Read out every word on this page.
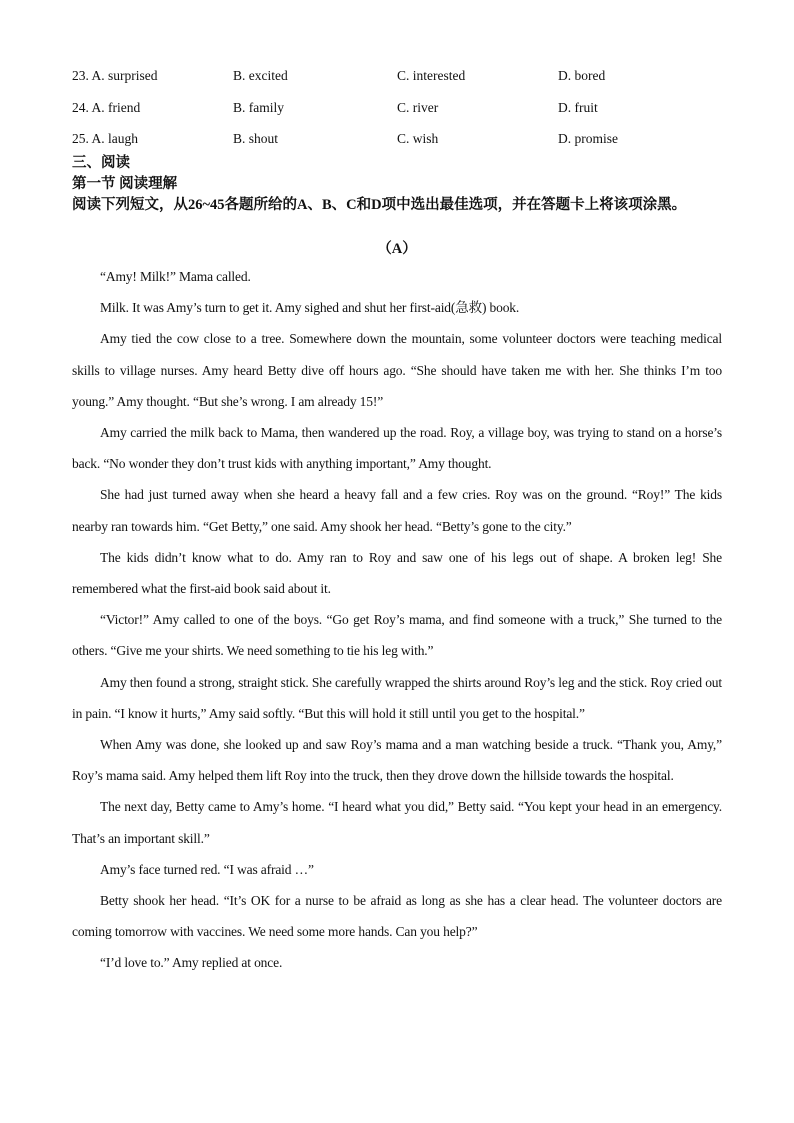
23. A. surprised	B. excited	C. interested	D. bored
24. A. friend	B. family	C. river	D. fruit
25. A. laugh	B. shout	C. wish	D. promise
三、阅读
第一节 阅读理解
阅读下列短文，从26~45各题所给的A、B、C和D项中选出最佳选项，并在答题卡上将该项涂黑。
（A）

“Amy! Milk!” Mama called.

Milk. It was Amy’s turn to get it. Amy sighed and shut her first-aid(急救) book.

Amy tied the cow close to a tree. Somewhere down the mountain, some volunteer doctors were teaching medical skills to village nurses. Amy heard Betty dive off hours ago. “She should have taken me with her. She thinks I’m too young.” Amy thought. “But she’s wrong. I am already 15!”

Amy carried the milk back to Mama, then wandered up the road. Roy, a village boy, was trying to stand on a horse’s back. “No wonder they don’t trust kids with anything important,” Amy thought.

She had just turned away when she heard a heavy fall and a few cries. Roy was on the ground. “Roy!” The kids nearby ran towards him. “Get Betty,” one said. Amy shook her head. “Betty’s gone to the city.”

The kids didn’t know what to do. Amy ran to Roy and saw one of his legs out of shape. A broken leg! She remembered what the first-aid book said about it.

“Victor!” Amy called to one of the boys. “Go get Roy’s mama, and find someone with a truck,” She turned to the others. “Give me your shirts. We need something to tie his leg with.”

Amy then found a strong, straight stick. She carefully wrapped the shirts around Roy’s leg and the stick. Roy cried out in pain. “I know it hurts,” Amy said softly. “But this will hold it still until you get to the hospital.”

When Amy was done, she looked up and saw Roy’s mama and a man watching beside a truck. “Thank you, Amy,” Roy’s mama said. Amy helped them lift Roy into the truck, then they drove down the hillside towards the hospital.

The next day, Betty came to Amy’s home. “I heard what you did,” Betty said. “You kept your head in an emergency. That’s an important skill.”

Amy’s face turned red. “I was afraid …”

Betty shook her head. “It’s OK for a nurse to be afraid as long as she has a clear head. The volunteer doctors are coming tomorrow with vaccines. We need some more hands. Can you help?”

“I’d love to.” Amy replied at once.
